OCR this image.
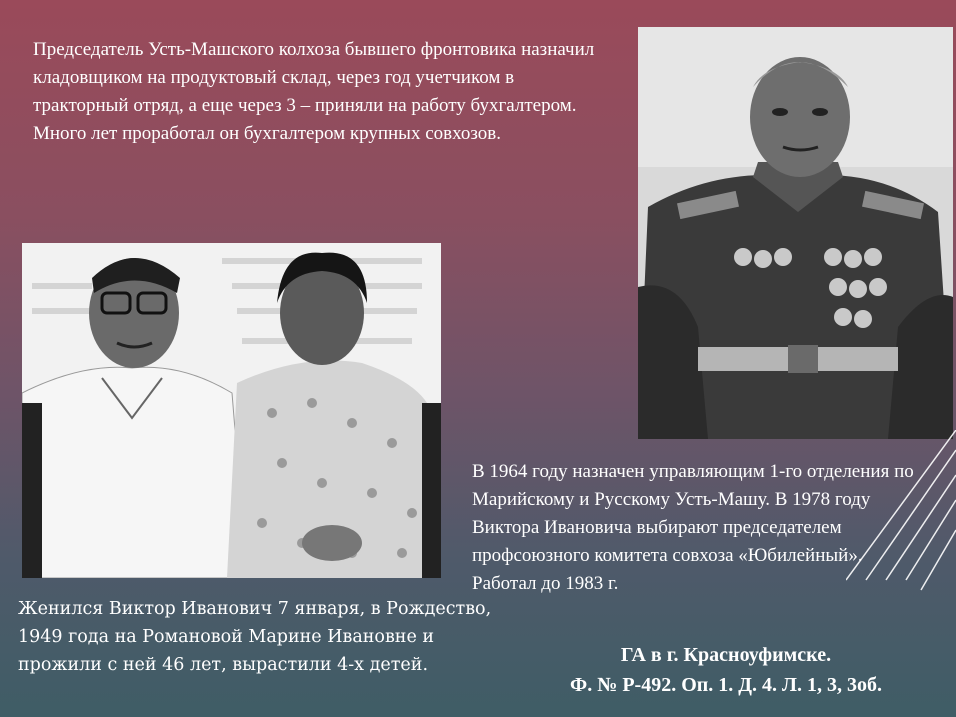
Председатель Усть-Машского колхоза бывшего фронтовика назначил кладовщиком на продуктовый склад, через год учетчиком в тракторный отряд, а еще через 3 – приняли на работу бухгалтером. Много лет проработал он бухгалтером крупных совхозов.

В 1964 году назначен управляющим 1-го отделения по Марийскому и Русскому Усть-Машу. В 1978 году Виктора Ивановича выбирают председателем профсоюзного комитета совхоза «Юбилейный».

Работал до 1983 г.

Женился Виктор Иванович 7 января, в Рождество, 1949 года на Романовой Марине Ивановне и прожили с ней 46 лет, вырастили 4-х детей.	ГА в г. Красноуфимске.
Ф. № Р-492. Оп. 1. Д. 4. Л. 1, 3, 3об.
